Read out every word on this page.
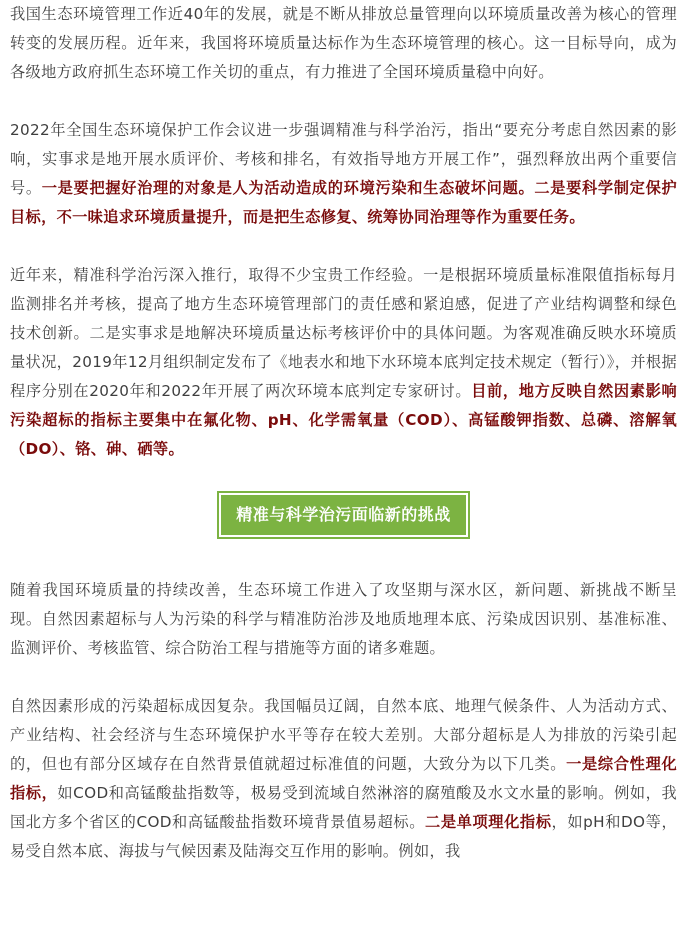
我国生态环境管理工作近40年的发展，就是不断从排放总量管理向以环境质量改善为核心的管理转变的发展历程。近年来，我国将环境质量达标作为生态环境管理的核心。这一目标导向，成为各级地方政府抓生态环境工作关切的重点，有力推进了全国环境质量稳中向好。

2022年全国生态环境保护工作会议进一步强调精准与科学治污，指出“要充分考虑自然因素的影响，实事求是地开展水质评价、考核和排名，有效指导地方开展工作”，强烈释放出两个重要信号。一是要把握好治理的对象是人为活动造成的环境污染和生态破坏问题。二是要科学制定保护目标，不一味追求环境质量提升，而是把生态修复、统筹协同治理等作为重要任务。

近年来，精准科学治污深入推行，取得不少宝贵工作经验。一是根据环境质量标准限值指标每月监测排名并考核，提高了地方生态环境管理部门的责任感和紧迫感，促进了产业结构调整和绿色技术创新。二是实事求是地解决环境质量达标考核评价中的具体问题。为客观准确反映水环境质量状况，2019年12月组织制定发布了《地表水和地下水环境本底判定技术规定（暂行）》，并根据程序分别在2020年和2022年开展了两次环境本底判定专家研讨。目前，地方反映自然因素影响污染超标的指标主要集中在氟化物、pH、化学需氧量（COD）、高锰酸钾指数、总磷、溶解氧（DO）、铬、砷、硒等。

精准与科学治污面临新的挑战

随着我国环境质量的持续改善，生态环境工作进入了攻坚期与深水区，新问题、新挑战不断呈现。自然因素超标与人为污染的科学与精准防治涉及地质地理本底、污染成因识别、基准标准、监测评价、考核监管、综合防治工程与措施等方面的诸多难题。

自然因素形成的污染超标成因复杂。我国幅员辽阔，自然本底、地理气候条件、人为活动方式、产业结构、社会经济与生态环境保护水平等存在较大差别。大部分超标是人为排放的污染引起的，但也有部分区域存在自然背景值就超过标准值的问题，大致分为以下几类。一是综合性理化指标，如COD和高锰酸盐指数等，极易受到流域自然淋溶的腐殖酸及水文水量的影响。例如，我国北方多个省区的COD和高锰酸盐指数环境背景值易超标。二是单项理化指标，如pH和DO等，易受自然本底、海拔与气候因素及陆海交互作用的影响。例如，我
